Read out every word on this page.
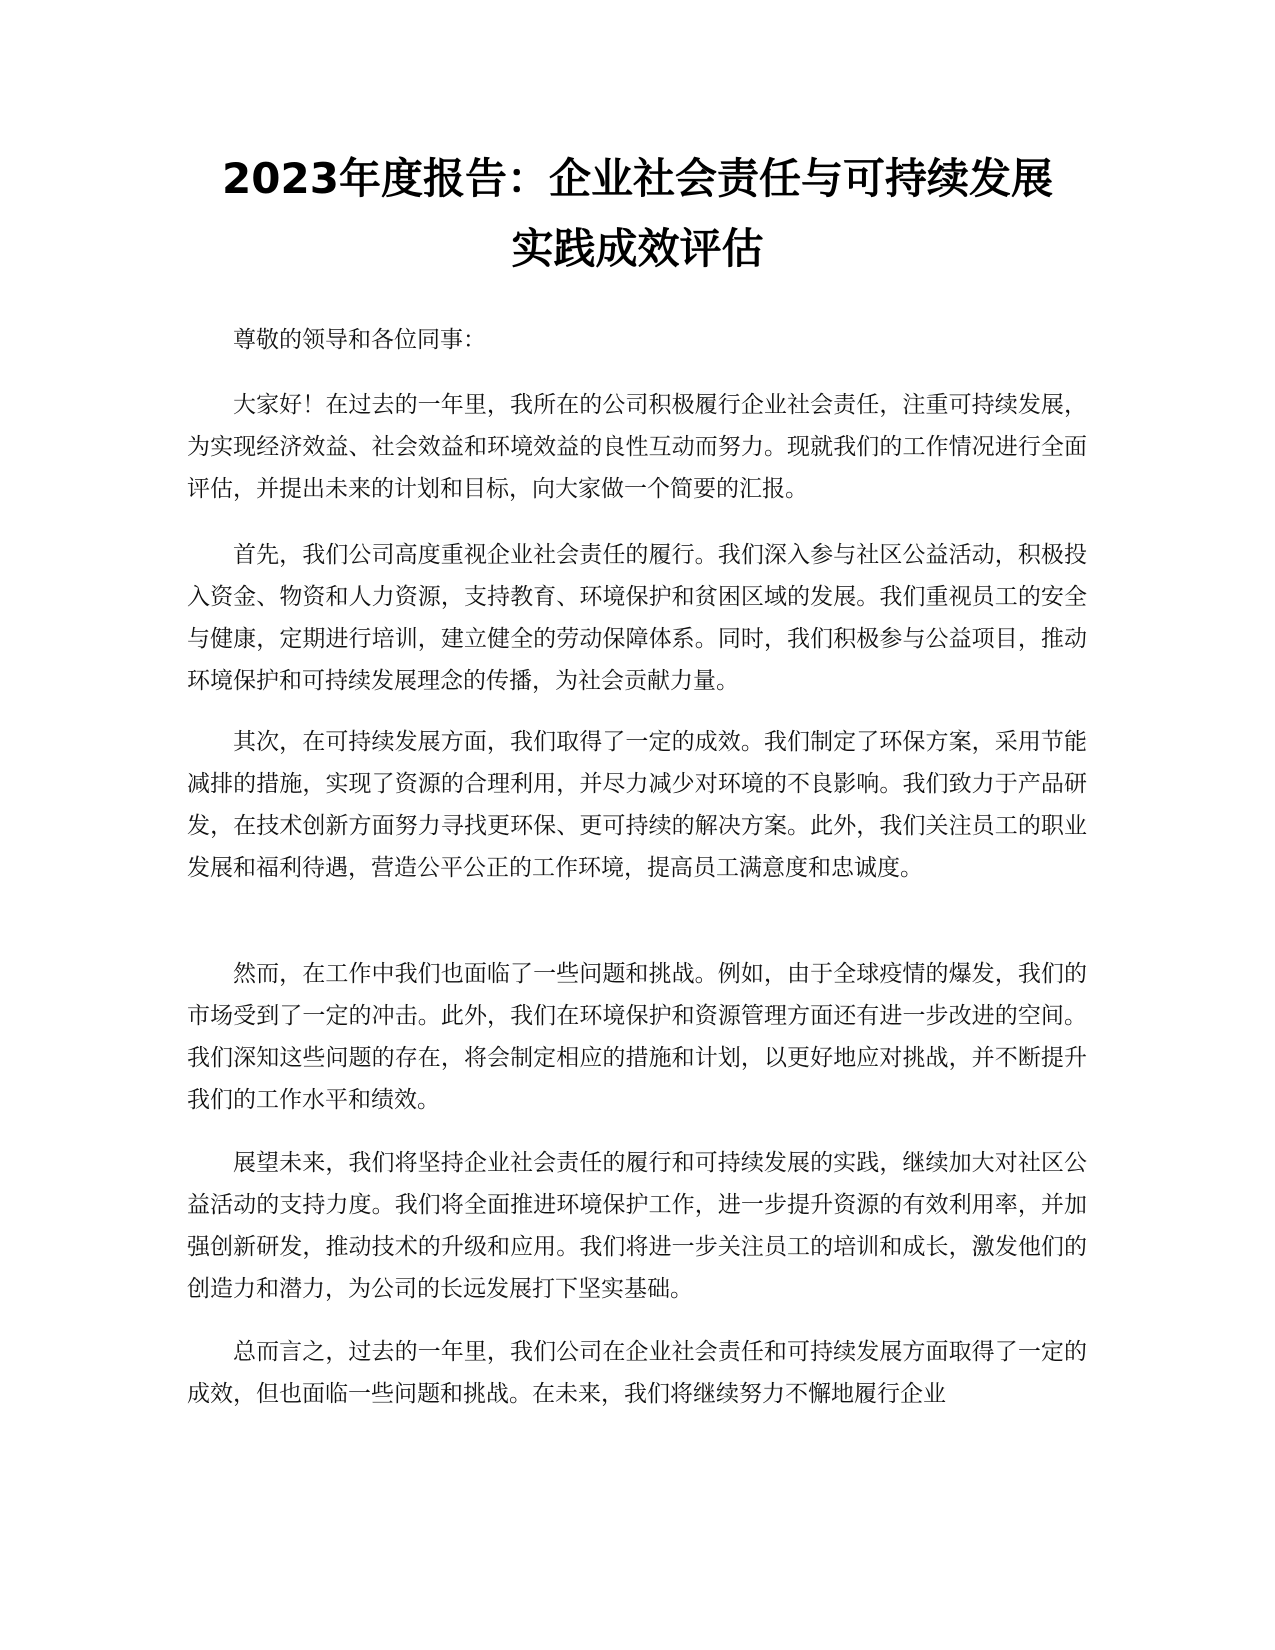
2023年度报告：企业社会责任与可持续发展
实践成效评估

尊敬的领导和各位同事：

大家好！在过去的一年里，我所在的公司积极履行企业社会责任，注重可持续发展，为实现经济效益、社会效益和环境效益的良性互动而努力。现就我们的工作情况进行全面评估，并提出未来的计划和目标，向大家做一个简要的汇报。

首先，我们公司高度重视企业社会责任的履行。我们深入参与社区公益活动，积极投入资金、物资和人力资源，支持教育、环境保护和贫困区域的发展。我们重视员工的安全与健康，定期进行培训，建立健全的劳动保障体系。同时，我们积极参与公益项目，推动环境保护和可持续发展理念的传播，为社会贡献力量。

其次，在可持续发展方面，我们取得了一定的成效。我们制定了环保方案，采用节能减排的措施，实现了资源的合理利用，并尽力减少对环境的不良影响。我们致力于产品研发，在技术创新方面努力寻找更环保、更可持续的解决方案。此外，我们关注员工的职业发展和福利待遇，营造公平公正的工作环境，提高员工满意度和忠诚度。

然而，在工作中我们也面临了一些问题和挑战。例如，由于全球疫情的爆发，我们的市场受到了一定的冲击。此外，我们在环境保护和资源管理方面还有进一步改进的空间。我们深知这些问题的存在，将会制定相应的措施和计划，以更好地应对挑战，并不断提升我们的工作水平和绩效。

展望未来，我们将坚持企业社会责任的履行和可持续发展的实践，继续加大对社区公益活动的支持力度。我们将全面推进环境保护工作，进一步提升资源的有效利用率，并加强创新研发，推动技术的升级和应用。我们将进一步关注员工的培训和成长，激发他们的创造力和潜力，为公司的长远发展打下坚实基础。

总而言之，过去的一年里，我们公司在企业社会责任和可持续发展方面取得了一定的成效，但也面临一些问题和挑战。在未来，我们将继续努力不懈地履行企业
